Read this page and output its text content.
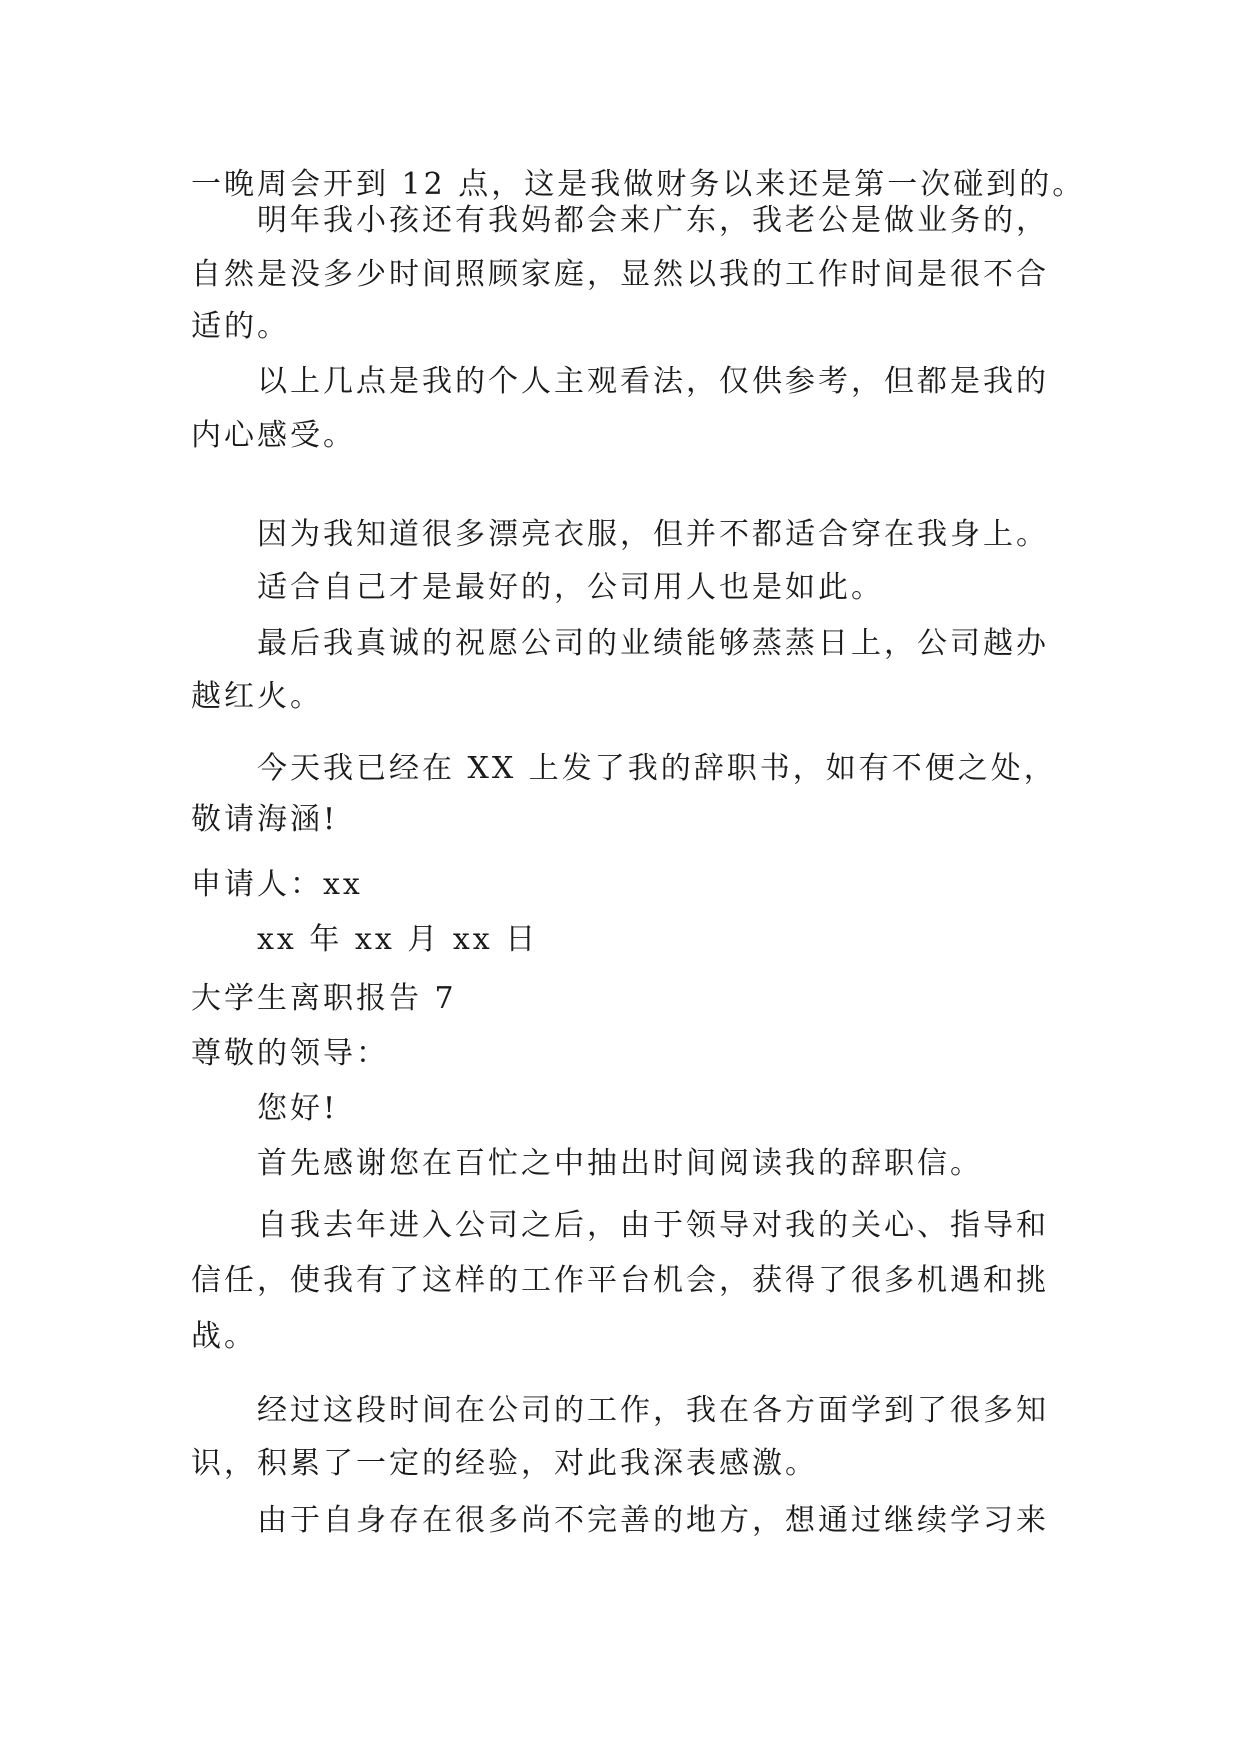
一晚周会开到 12 点，这是我做财务以来还是第一次碰到的。
明年我小孩还有我妈都会来广东，我老公是做业务的，
自然是没多少时间照顾家庭，显然以我的工作时间是很不合
适的。
以上几点是我的个人主观看法，仅供参考，但都是我的
内心感受。
因为我知道很多漂亮衣服，但并不都适合穿在我身上。
适合自己才是最好的，公司用人也是如此。
最后我真诚的祝愿公司的业绩能够蒸蒸日上，公司越办
越红火。
今天我已经在 XX 上发了我的辞职书，如有不便之处，
敬请海涵!
申请人：xx
xx 年 xx 月 xx 日
大学生离职报告 7
尊敬的领导：
您好!
首先感谢您在百忙之中抽出时间阅读我的辞职信。
自我去年进入公司之后，由于领导对我的关心、指导和
信任，使我有了这样的工作平台机会，获得了很多机遇和挑
战。
经过这段时间在公司的工作，我在各方面学到了很多知
识，积累了一定的经验，对此我深表感激。
由于自身存在很多尚不完善的地方，想通过继续学习来
